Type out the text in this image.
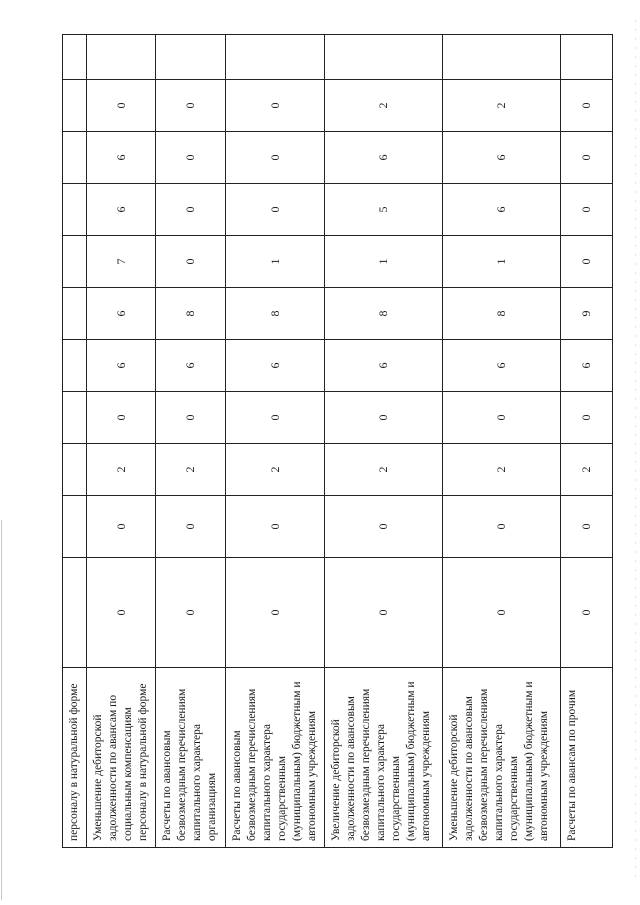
персоналу в натуральной форме											
Уменьшение дебиторской задолженности по авансам по социальным компенсациям персоналу в натуральной форме	0	0	2	0	6	6	7	6	6	0	
Расчеты по авансовым безвозмездным перечислениям капитального характера организациям	0	0	2	0	6	8	0	0	0	0	
Расчеты по авансовым безвозмездным перечислениям капитального характера государственным (муниципальным) бюджетным и автономным учреждениям	0	0	2	0	6	8	1	0	0	0	
Увеличение дебиторской задолженности по авансовым безвозмездным перечислениям капитального характера государственным (муниципальным) бюджетным и автономным учреждениям	0	0	2	0	6	8	1	5	6	2	
Уменьшение дебиторской задолженности по авансовым безвозмездным перечислениям капитального характера государственным (муниципальным) бюджетным и автономным учреждениям	0	0	2	0	6	8	1	6	6	2	
Расчеты по авансам по прочим	0	0	2	0	6	9	0	0	0	0	
